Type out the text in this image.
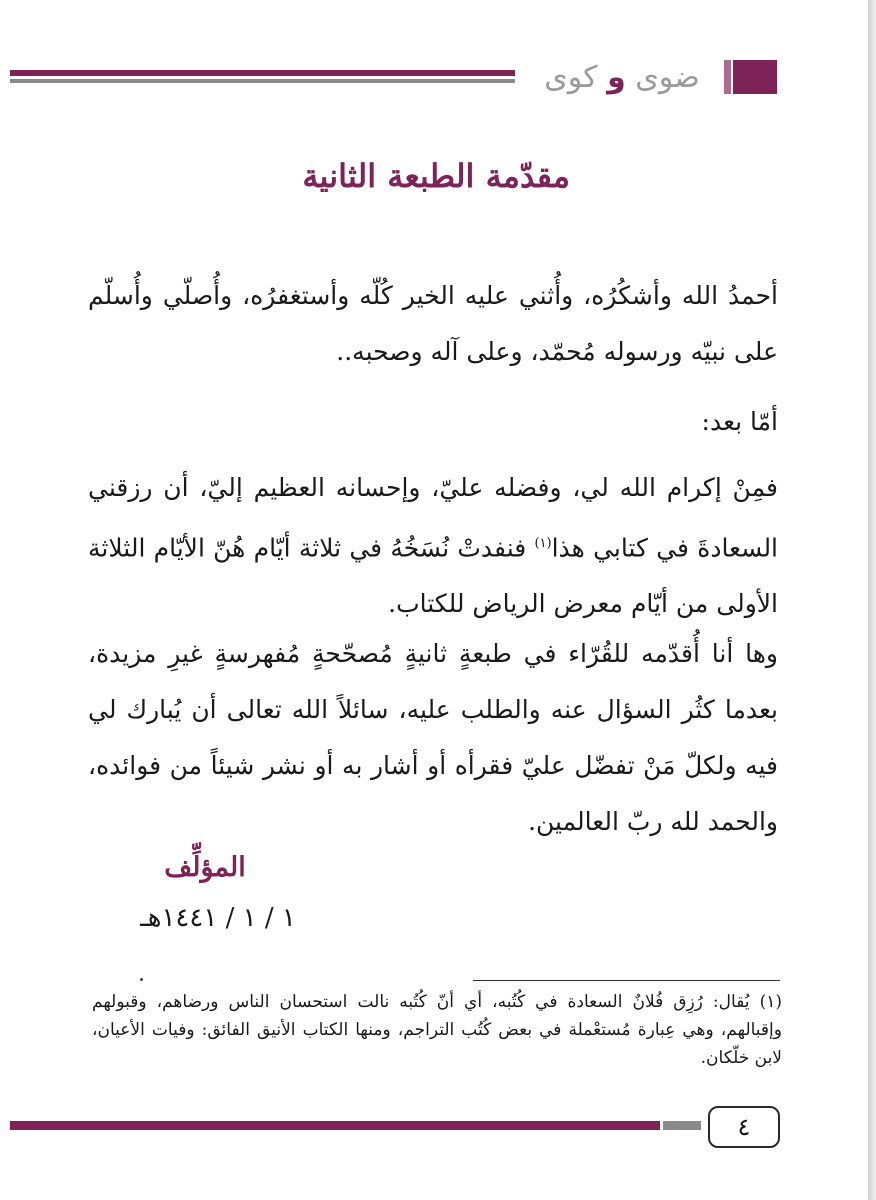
ضوى و كوى
مقدّمة الطبعة الثانية
أحمدُ الله وأشكُرُه، وأُثني عليه الخير كُلّه وأستغفرُه، وأُصلّي وأُسلّم على نبيّه ورسوله مُحمّد، وعلى آله وصحبه..
أمّا بعد:
فمِنْ إكرام الله لي، وفضله عليّ، وإحسانه العظيم إليّ، أن رزقني السعادةَ في كتابي هذا$^{(١)}$ فنفدتْ نُسَخُهُ في ثلاثة أيّام هُنّ الأيّام الثلاثة الأولى من أيّام معرض الرياض للكتاب.
وها أنا أُقدّمه للقُرّاء في طبعةٍ ثانيةٍ مُصحّحةٍ مُفهرسةٍ غيرِ مزيدة، بعدما كثُر السؤال عنه والطلب عليه، سائلاً الله تعالى أن يُبارك لي فيه ولكلّ مَنْ تفضّل عليّ فقرأه أو أشار به أو نشر شيئاً من فوائده، والحمد لله ربّ العالمين.
المؤلِّف
١ / ١ / ١٤٤١هـ
(١) يُقال: رُزِق فُلانٌ السعادة في كُتُبه، أي أنّ كُتُبه نالت استحسان الناس ورضاهم، وقبولهم وإقبالهم، وهي عِبارة مُستعْملة في بعض كُتُب التراجم، ومنها الكتاب الأنيق الفائق: وفيات الأعيان، لابن خلّكان.
٤
